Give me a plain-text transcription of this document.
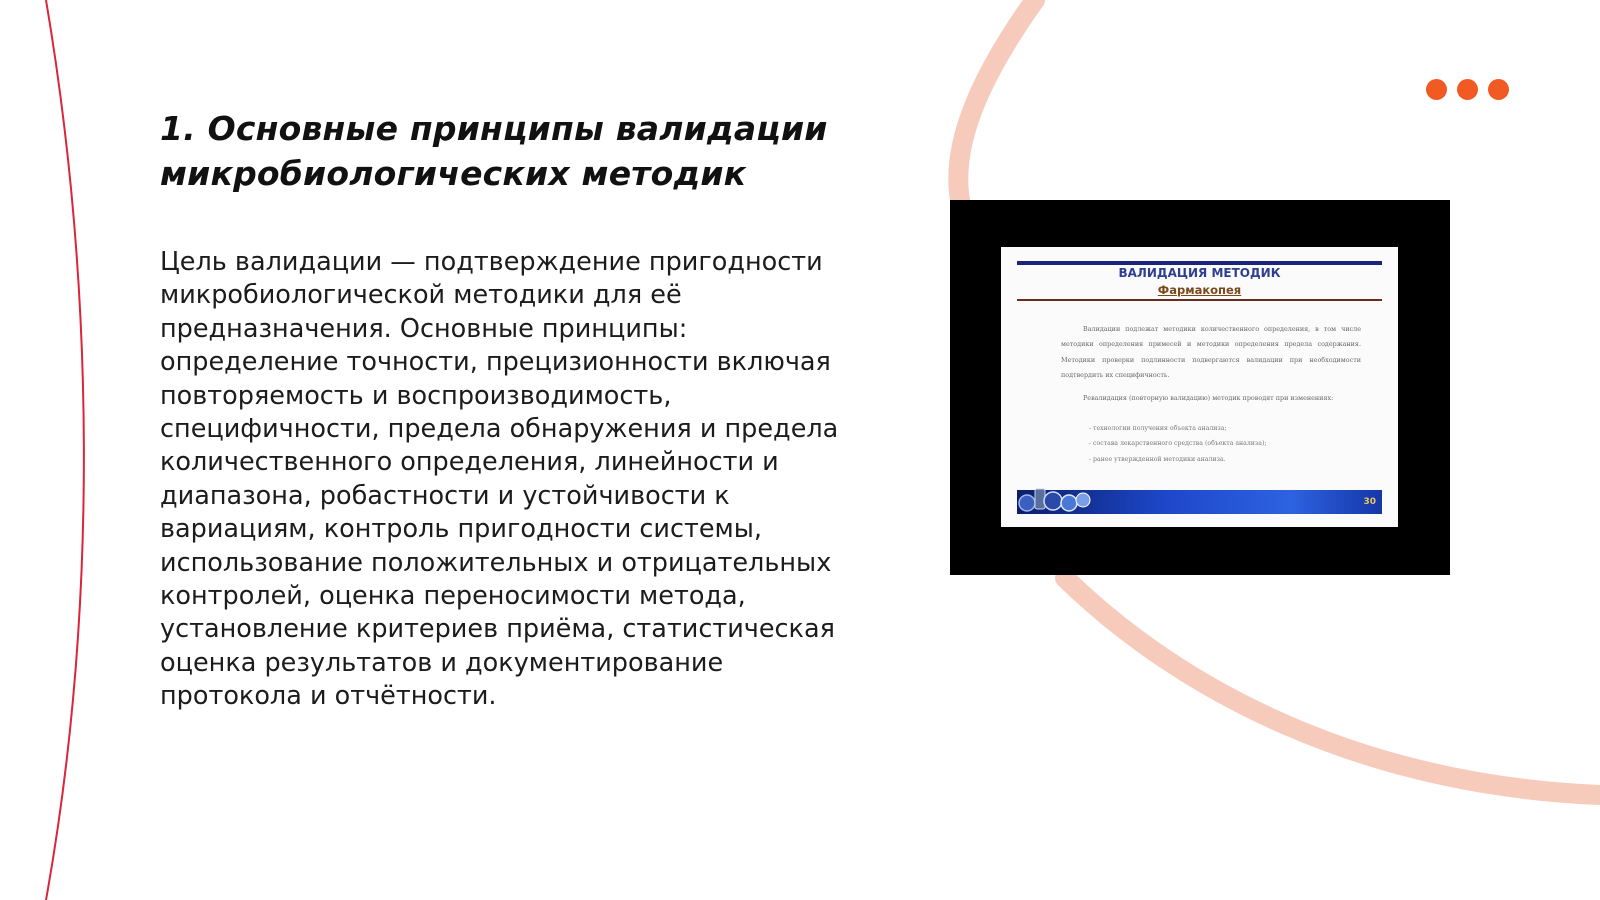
1. Основные принципы валидации микробиологических методик

Цель валидации — подтверждение пригодности микробиологической методики для её предназначения. Основные принципы: определение точности, прецизионности включая повторяемость и воспроизводимость, специфичности, предела обнаружения и предела количественного определения, линейности и диапазона, робастности и устойчивости к вариациям, контроль пригодности системы, использование положительных и отрицательных контролей, оценка переносимости метода, установление критериев приёма, статистическая оценка результатов и документирование протокола и отчётности.

ВАЛИДАЦИЯ МЕТОДИК
Фармакопея

Валидации подлежат методики количественного определения, в том числе методики определения примесей и методики определения предела содержания. Методики проверки подлинности подвергаются валидации при необходимости подтвердить их специфичность.

Ревалидация (повторную валидацию) методик проводят при изменениях:

- технологии получения объекта анализа;
- состава лекарственного средства (объекта анализа);
- ранее утвержденной методики анализа.
30
